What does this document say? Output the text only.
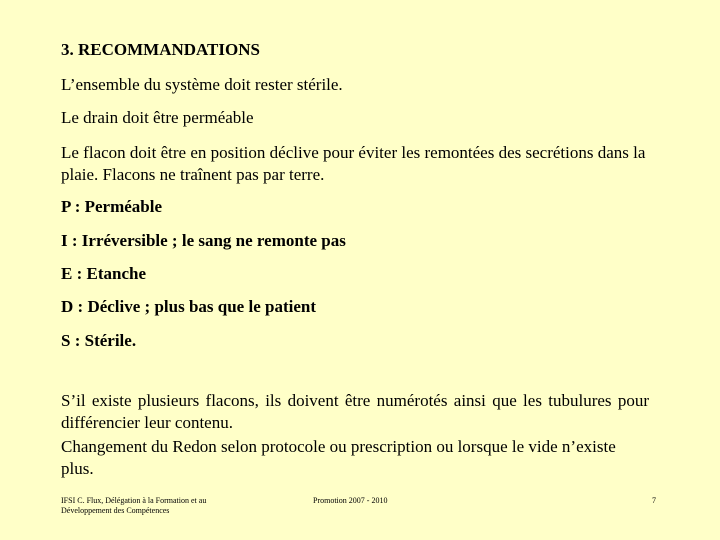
3. RECOMMANDATIONS
L’ensemble du système doit rester stérile.
Le drain doit être perméable
Le flacon doit être en position déclive pour éviter les remontées des secrétions dans la plaie. Flacons ne traînent pas par terre.
P : Perméable
I : Irréversible ; le sang ne remonte pas
E : Etanche
D : Déclive ; plus bas que le patient
S : Stérile.
S’il existe plusieurs flacons, ils doivent être numérotés ainsi que les tubulures pour différencier leur contenu.
Changement du Redon selon protocole ou prescription ou lorsque le vide n’existe plus.
IFSI C. Flux, Délégation à la Formation et au Développement des Compétences
Promotion 2007 - 2010	7
